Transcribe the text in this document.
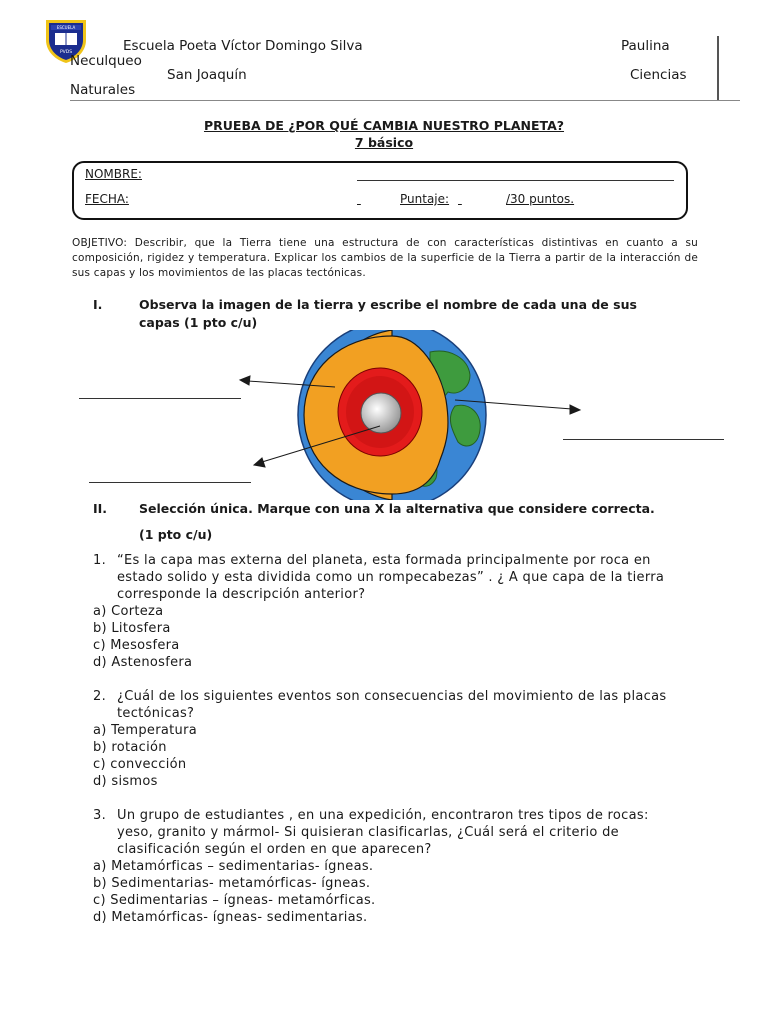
ESCUELA
PVDS	Escuela Poeta Víctor Domingo Silva	Paulina
Neculqueo
San Joaquín	Ciencias
Naturales
PRUEBA DE ¿POR QUÉ CAMBIA NUESTRO PLANETA?
7 básico
NOMBRE:
FECHA:
	Puntaje:
	/30 puntos.
OBJETIVO: Describir, que la Tierra tiene una estructura de con características distintivas en cuanto a su composición, rigidez y temperatura. Explicar los cambios de la superficie de la Tierra a partir de la interacción de sus capas y los movimientos de las placas tectónicas.
I.	Observa la imagen de la tierra y escribe el nombre de cada una de sus
capas (1 pto c/u)
II.	Selección única. Marque con una X la alternativa que considere correcta.
(1 pto c/u)
1. “Es la capa mas externa del planeta, esta formada principalmente por roca en
estado solido y esta dividida como un rompecabezas” . ¿ A que capa de la tierra
corresponde la descripción anterior?
a) Corteza
b) Litosfera
c) Mesosfera
d) Astenosfera
2. ¿Cuál de los siguientes eventos son consecuencias del movimiento de las placas
tectónicas?
a) Temperatura
b) rotación
c) convección
d) sismos
3. Un grupo de estudiantes , en una expedición, encontraron tres tipos de rocas:
yeso, granito y mármol- Si quisieran clasificarlas, ¿Cuál será el criterio de
clasificación según el orden en que aparecen?
a) Metamórficas – sedimentarias- ígneas.
b) Sedimentarias- metamórficas- ígneas.
c) Sedimentarias – ígneas- metamórficas.
d) Metamórficas- ígneas- sedimentarias.
